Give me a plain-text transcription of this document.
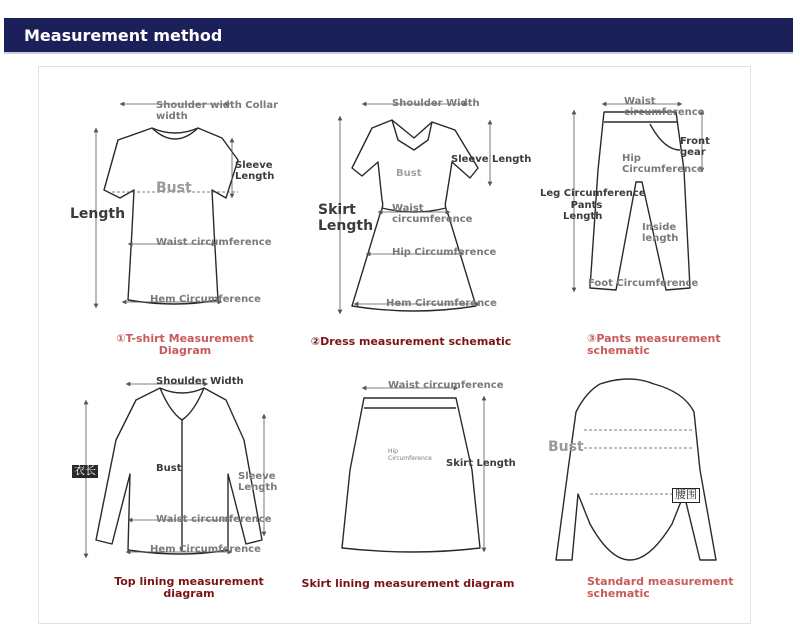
Measurement method
Shoulder width Collar
width
Sleeve
Length
Bust
Length
Waist circumference
Hem Circumference
①T-shirt Measurement
Diagram
Shoulder Width
Sleeve Length
Bust
Skirt
Length
Waist
circumference
Hip Circumference
Hem Circumference
②Dress measurement schematic
Waist
circumference
Front
gear
Hip
Circumference
Leg Circumference
Pants
Length
Inside
length
Foot Circumference
③Pants measurement
schematic
Shoulder Width
衣长	Bust
Sleeve
Length
Waist circumference
Hem Circumference
Top lining measurement
diagram
Waist circumference
Hip
Circumference Skirt Length
Skirt lining measurement diagram
Bust
腰围
Standard measurement
schematic
